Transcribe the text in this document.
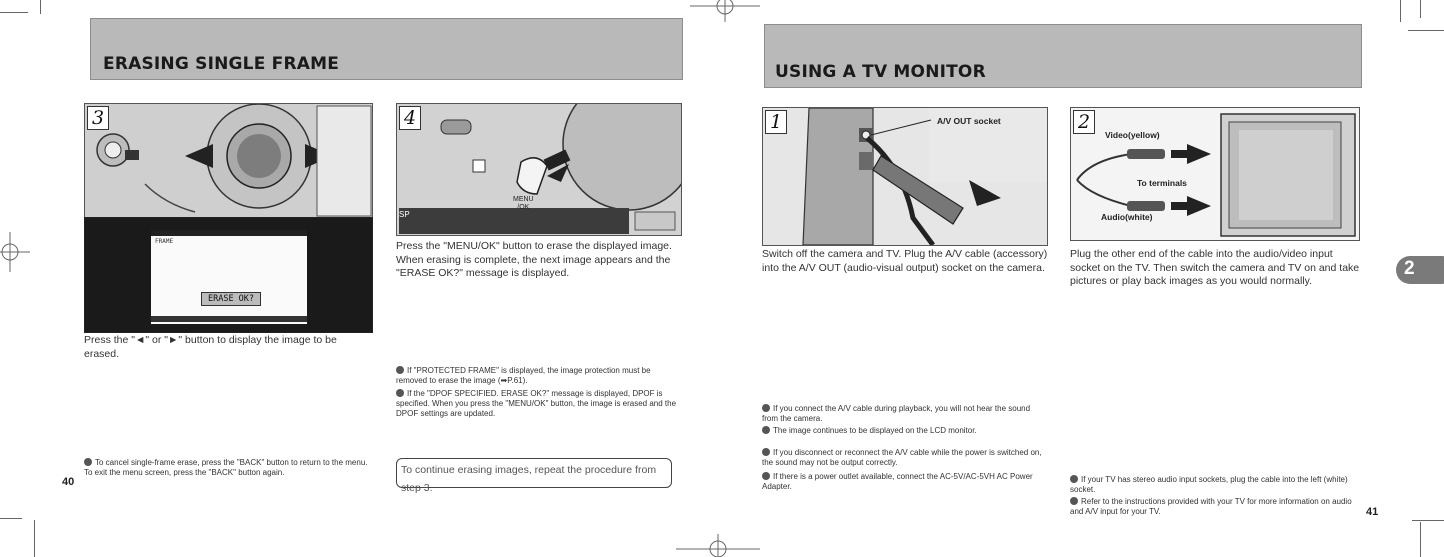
ERASING SINGLE FRAME
3
FRAME
ERASE OK?
Press the "◄" or "►" button to display the image to be erased.
4
MENU
/OK
SP
Press the "MENU/OK" button to erase the displayed image. When erasing is complete, the next image appears and the "ERASE OK?" message is displayed.
If "PROTECTED FRAME" is displayed, the image protection must be removed to erase the image (➡P.61).
If the "DPOF SPECIFIED. ERASE OK?" message is displayed, DPOF is specified. When you press the "MENU/OK" button, the image is erased and the DPOF settings are updated.
To cancel single-frame erase, press the "BACK" button to return to the menu. To exit the menu screen, press the "BACK" button again.	To continue erasing images, repeat the procedure from step 3.
40
USING A TV MONITOR
1	A/V OUT socket
Switch off the camera and TV. Plug the A/V cable (accessory) into the A/V OUT (audio-visual output) socket on the camera.
2
Video(yellow)
To terminals
Audio(white)
Plug the other end of the cable into the audio/video input socket on the TV. Then switch the camera and TV on and take pictures or play back images as you would normally.
2
If you connect the A/V cable during playback, you will not hear the sound from the camera.
The image continues to be displayed on the LCD monitor.
If you disconnect or reconnect the A/V cable while the power is switched on, the sound may not be output correctly.
If there is a power outlet available, connect the AC-5V/AC-5VH AC Power Adapter.
If your TV has stereo audio input sockets, plug the cable into the left (white) socket.
Refer to the instructions provided with your TV for more information on audio and A/V input for your TV.	41
